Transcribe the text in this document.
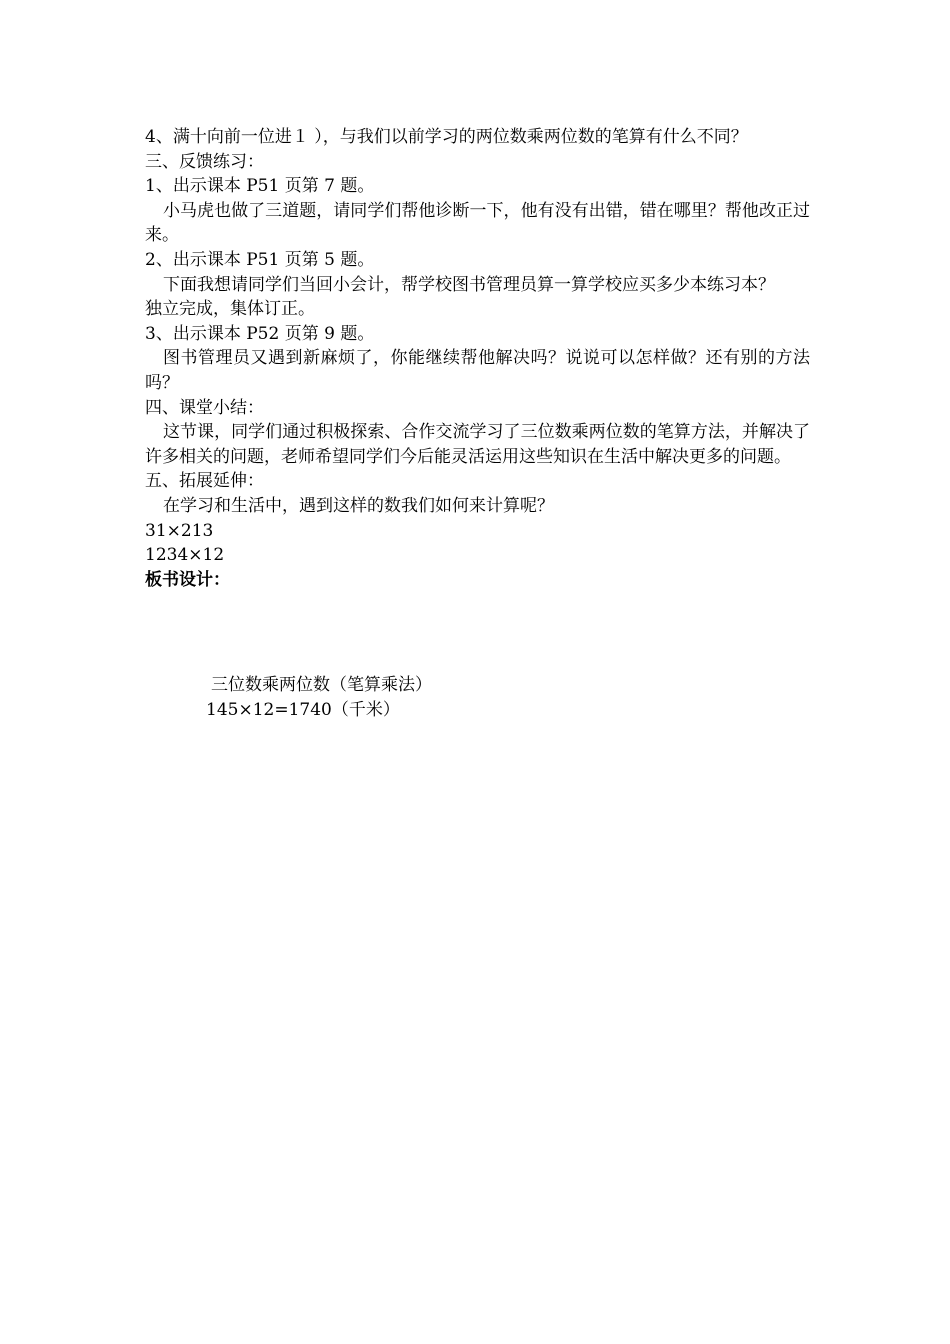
4、满十向前一位进１ ），与我们以前学习的两位数乘两位数的笔算有什么不同？
三、反馈练习：
1、出示课本 P51 页第 7 题。
小马虎也做了三道题，请同学们帮他诊断一下，他有没有出错，错在哪里？帮他改正过来。
2、出示课本 P51 页第 5 题。
下面我想请同学们当回小会计，帮学校图书管理员算一算学校应买多少本练习本？
独立完成，集体订正。
3、出示课本 P52 页第 9 题。
图书管理员又遇到新麻烦了，你能继续帮他解决吗？说说可以怎样做？还有别的方法吗？
四、课堂小结：
这节课，同学们通过积极探索、合作交流学习了三位数乘两位数的笔算方法，并解决了许多相关的问题，老师希望同学们今后能灵活运用这些知识在生活中解决更多的问题。
五、拓展延伸：
在学习和生活中，遇到这样的数我们如何来计算呢？
31×213
1234×12
板书设计：
三位数乘两位数（笔算乘法）
145×12=1740（千米）
